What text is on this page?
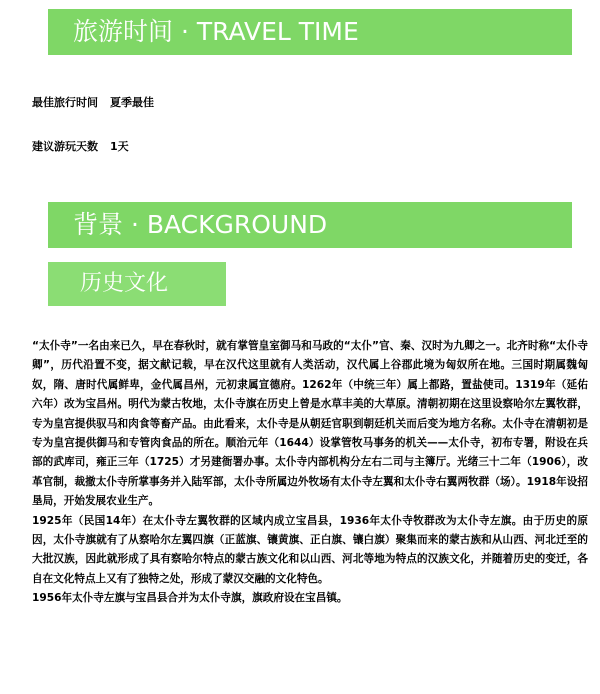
旅游时间 · TRAVEL TIME
最佳旅行时间 夏季最佳
建议游玩天数 1天
背景 · BACKGROUND
历史文化

“太仆寺”一名由来已久，早在春秋时，就有掌管皇室御马和马政的“太仆”官、秦、汉时为九卿之一。北齐时称“太仆寺卿”，历代沿置不变，据文献记载，早在汉代这里就有人类活动，汉代属上谷郡此境为匈奴所在地。三国时期属魏匈奴，隋、唐时代属鲜卑，金代属昌州，元初隶属宣德府。1262年（中统三年）属上都路，置盐使司。1319年（延佑六年）改为宝昌州。明代为蒙古牧地，太仆寺旗在历史上曾是水草丰美的大草原。清朝初期在这里设察哈尔左翼牧群，专为皇宫提供驭马和肉食等畜产品。由此看来，太仆寺是从朝廷官职到朝廷机关而后变为地方名称。太仆寺在清朝初是专为皇宫提供御马和专管肉食品的所在。顺治元年（1644）设掌管牧马事务的机关——太仆寺，初布专署，附设在兵部的武库司，雍正三年（1725）才另建衙署办事。太仆寺内部机构分左右二司与主簿厅。光绪三十二年（1906），改革官制，裁撤太仆寺所掌事务并入陆军部，太仆寺所属边外牧场有太仆寺左翼和太仆寺右翼两牧群（场）。1918年设招垦局，开始发展农业生产。

1925年（民国14年）在太仆寺左翼牧群的区域内成立宝昌县，1936年太仆寺牧群改为太仆寺左旗。由于历史的原因，太仆寺旗就有了从察哈尔左翼四旗（正蓝旗、镶黄旗、正白旗、镶白旗）聚集而来的蒙古族和从山西、河北迁至的大批汉族，因此就形成了具有察哈尔特点的蒙古族文化和以山西、河北等地为特点的汉族文化，并随着历史的变迁，各自在文化特点上又有了独特之处，形成了蒙汉交融的文化特色。

1956年太仆寺左旗与宝昌县合并为太仆寺旗，旗政府设在宝昌镇。
